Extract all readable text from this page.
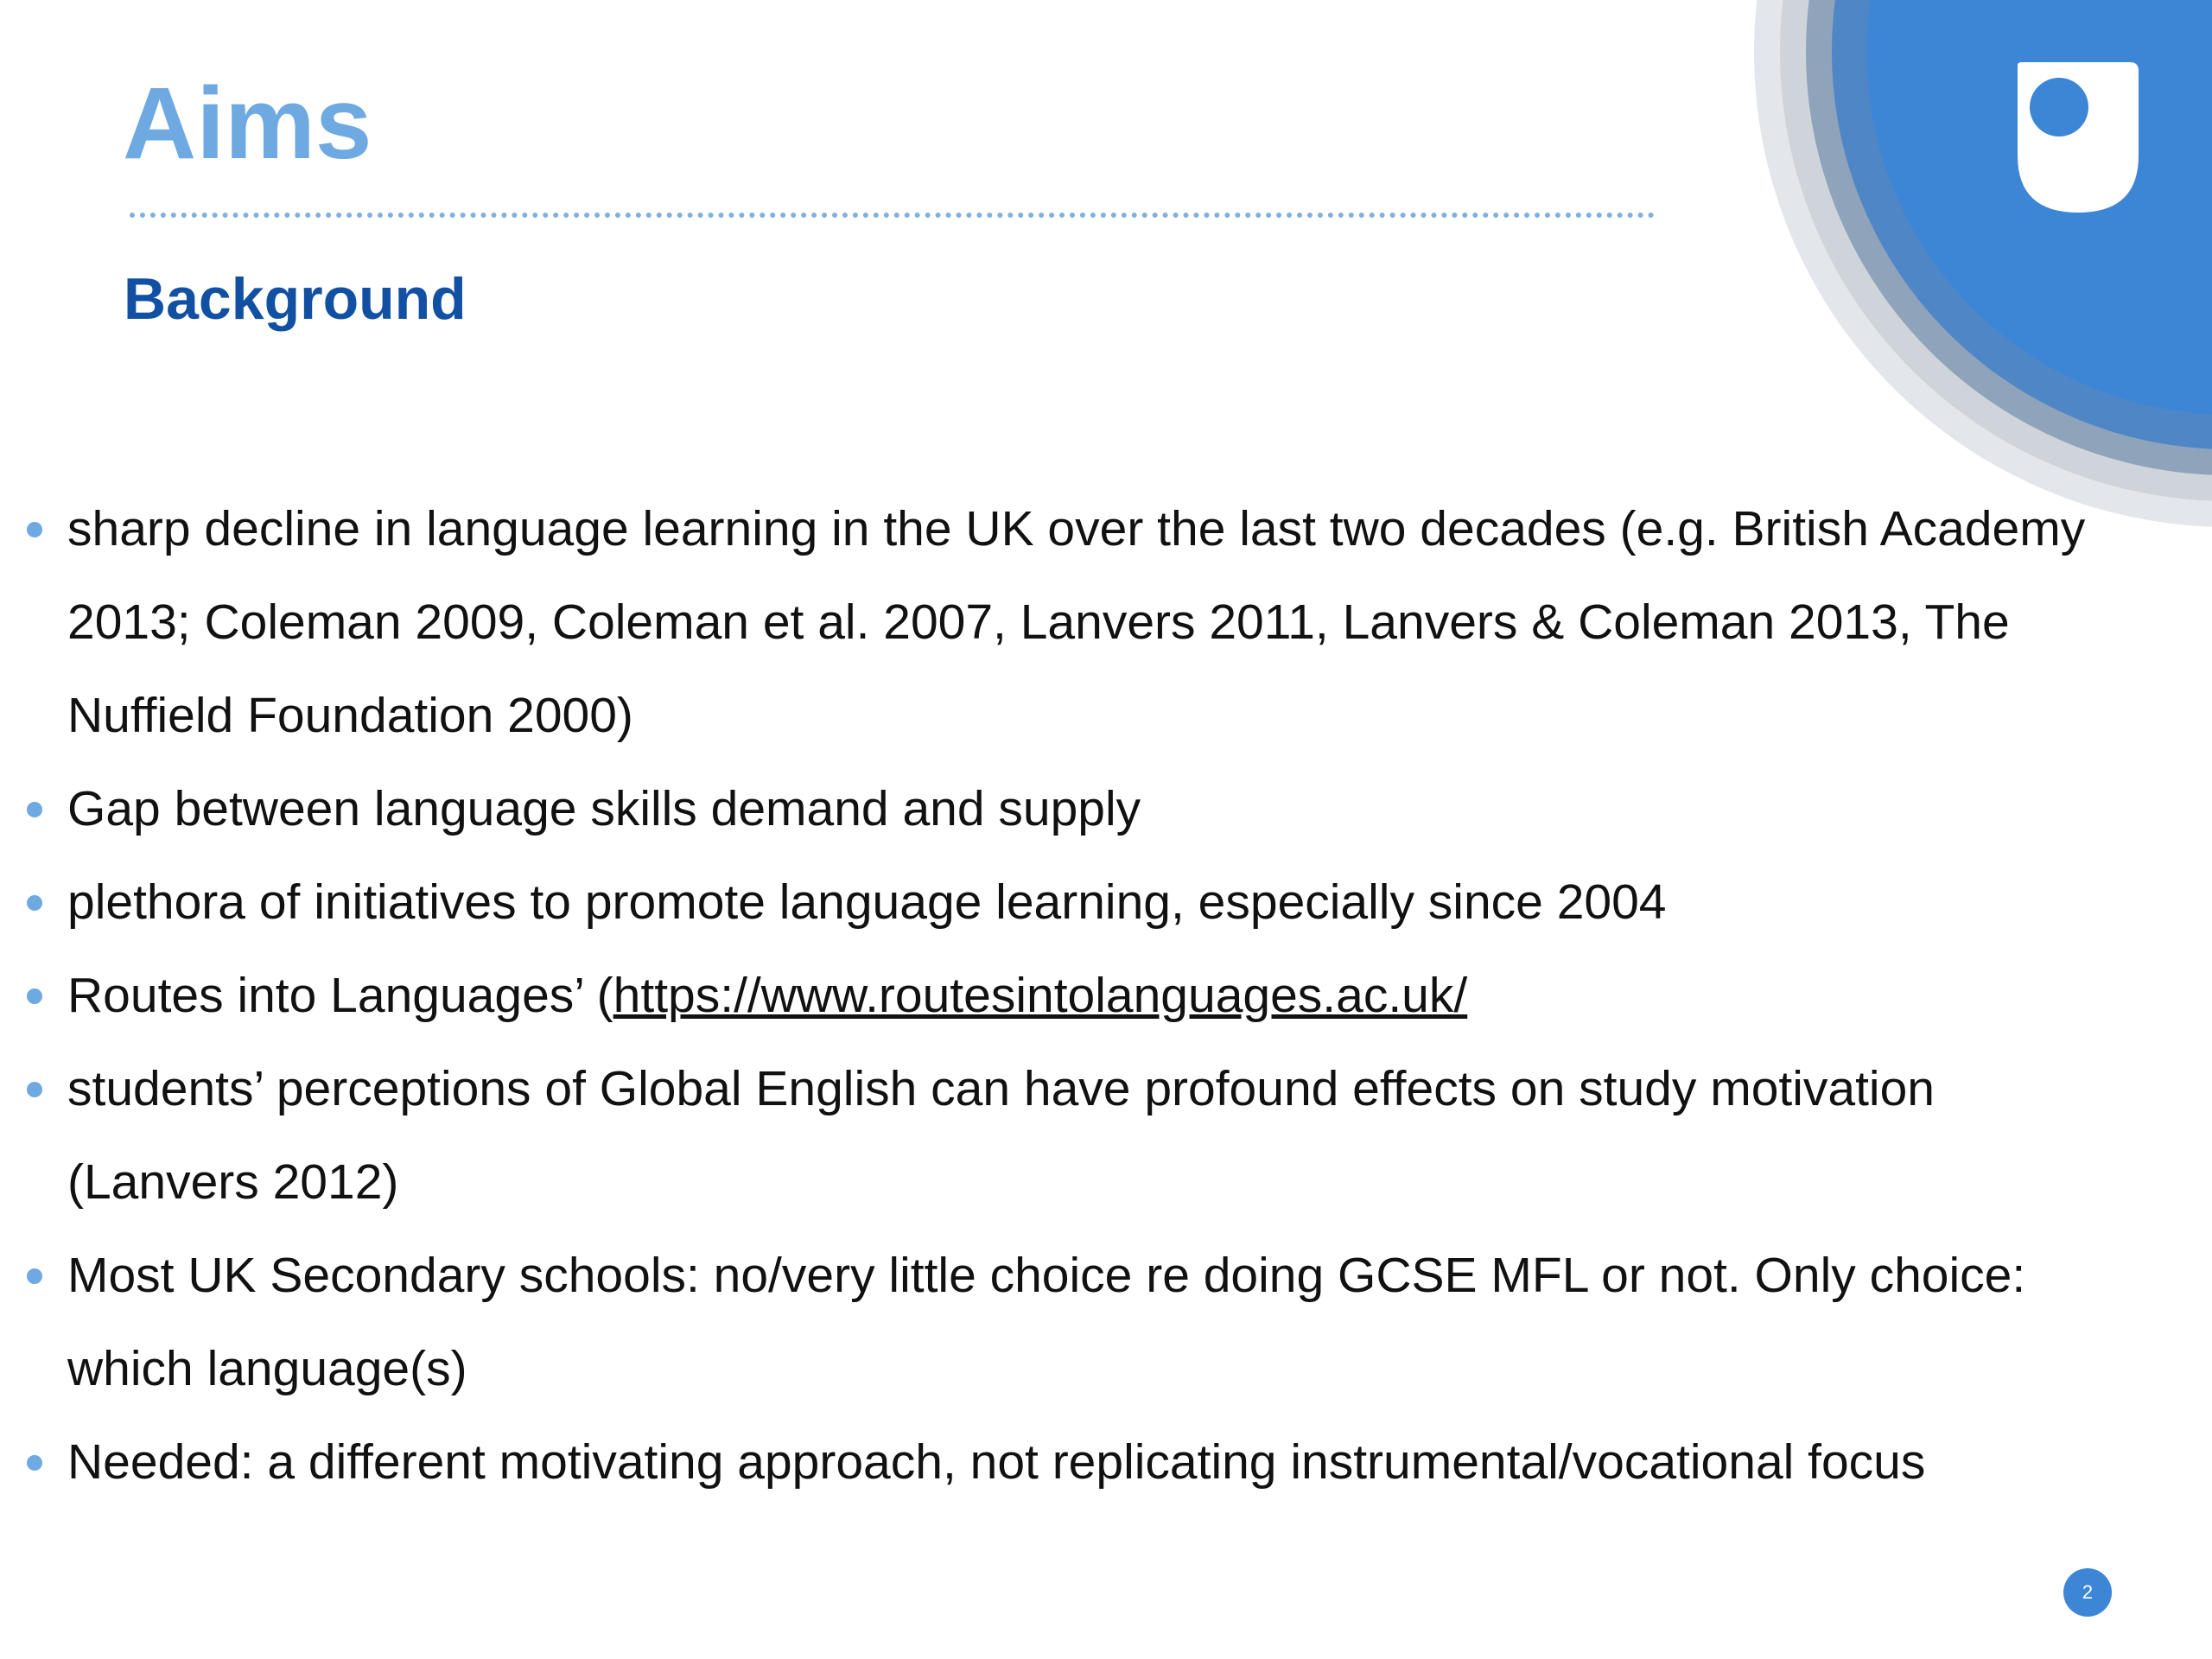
Aims
Background
sharp decline in language learning in the UK over the last two decades (e.g. British Academy 2013; Coleman 2009, Coleman et al. 2007, Lanvers 2011, Lanvers & Coleman 2013, The Nuffield Foundation 2000)
Gap between language skills demand and supply
plethora of initiatives to promote language learning, especially since 2004
Routes into Languages’ (https://www.routesintolanguages.ac.uk/
students’ perceptions of Global English can have profound effects on study motivation (Lanvers 2012)
Most UK Secondary schools: no/very little choice re doing GCSE MFL or not. Only choice: which language(s)
Needed: a different motivating approach, not replicating instrumental/vocational focus
2
